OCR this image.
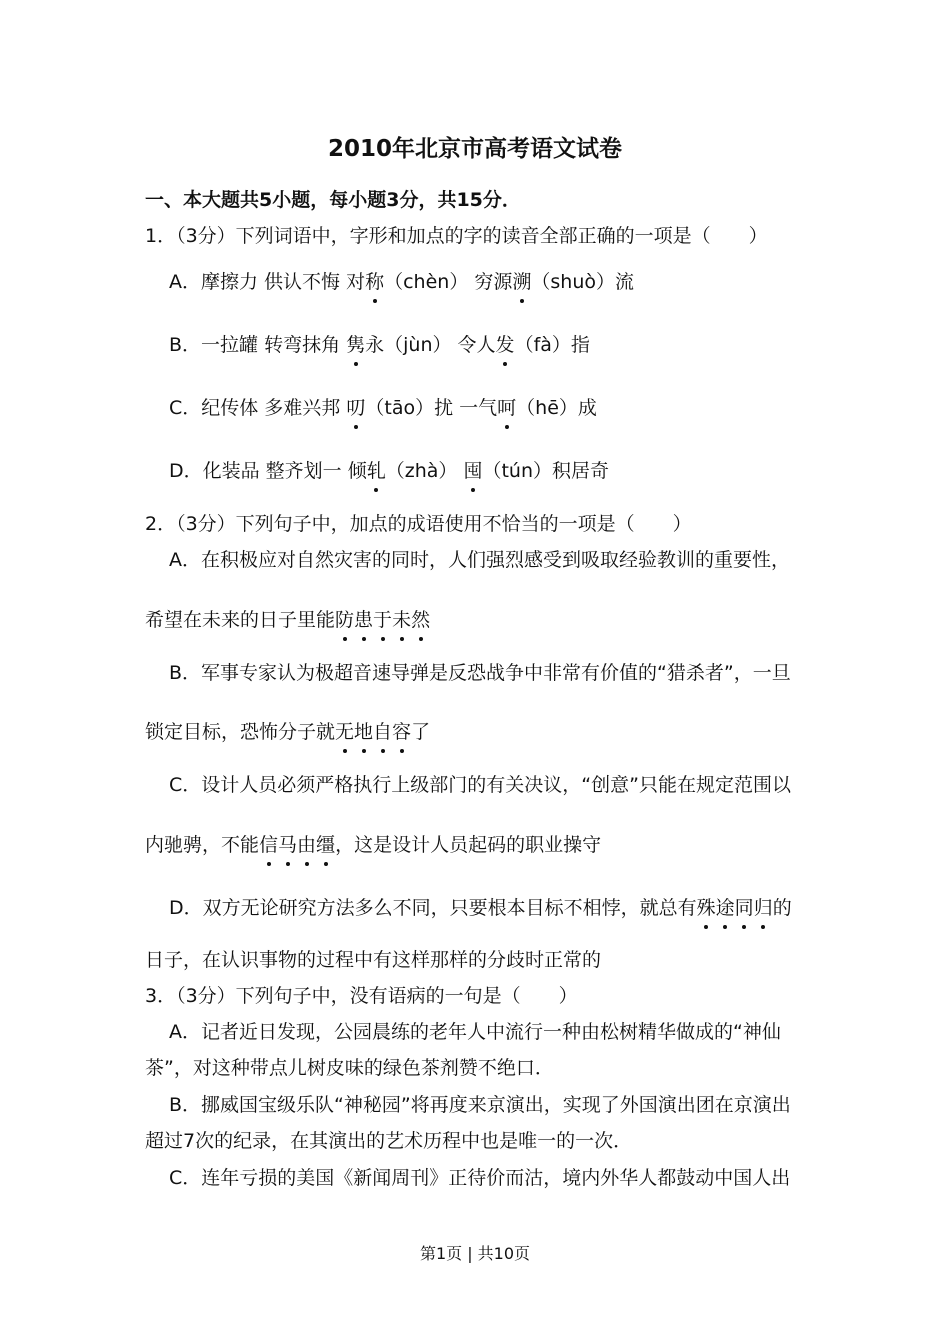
2010年北京市高考语文试卷
一、本大题共5小题，每小题3分，共15分．
1．（3分）下列词语中，字形和加点的字的读音全部正确的一项是（　　）
A．摩擦力 供认不悔 对称（chèn） 穷源溯（shuò）流
B．一拉罐 转弯抹角 隽永（jùn） 令人发（fà）指
C．纪传体 多难兴邦 叨（tāo）扰 一气呵（hē）成
D．化装品 整齐划一 倾轧（zhà） 囤（tún）积居奇
2．（3分）下列句子中，加点的成语使用不恰当的一项是（　　）
A．在积极应对自然灾害的同时，人们强烈感受到吸取经验教训的重要性，
希望在未来的日子里能防患于未然
B．军事专家认为极超音速导弹是反恐战争中非常有价值的“猎杀者”，一旦
锁定目标，恐怖分子就无地自容了
C．设计人员必须严格执行上级部门的有关决议，“创意”只能在规定范围以
内驰骋，不能信马由缰，这是设计人员起码的职业操守
D．双方无论研究方法多么不同，只要根本目标不相悖，就总有殊途同归的
日子，在认识事物的过程中有这样那样的分歧时正常的
3．（3分）下列句子中，没有语病的一句是（　　）
A．记者近日发现，公园晨练的老年人中流行一种由松树精华做成的“神仙
茶”，对这种带点儿树皮味的绿色茶剂赞不绝口．
B．挪威国宝级乐队“神秘园”将再度来京演出，实现了外国演出团在京演出
超过7次的纪录，在其演出的艺术历程中也是唯一的一次．
C．连年亏损的美国《新闻周刊》正待价而沽，境内外华人都鼓动中国人出
第1页 | 共10页
